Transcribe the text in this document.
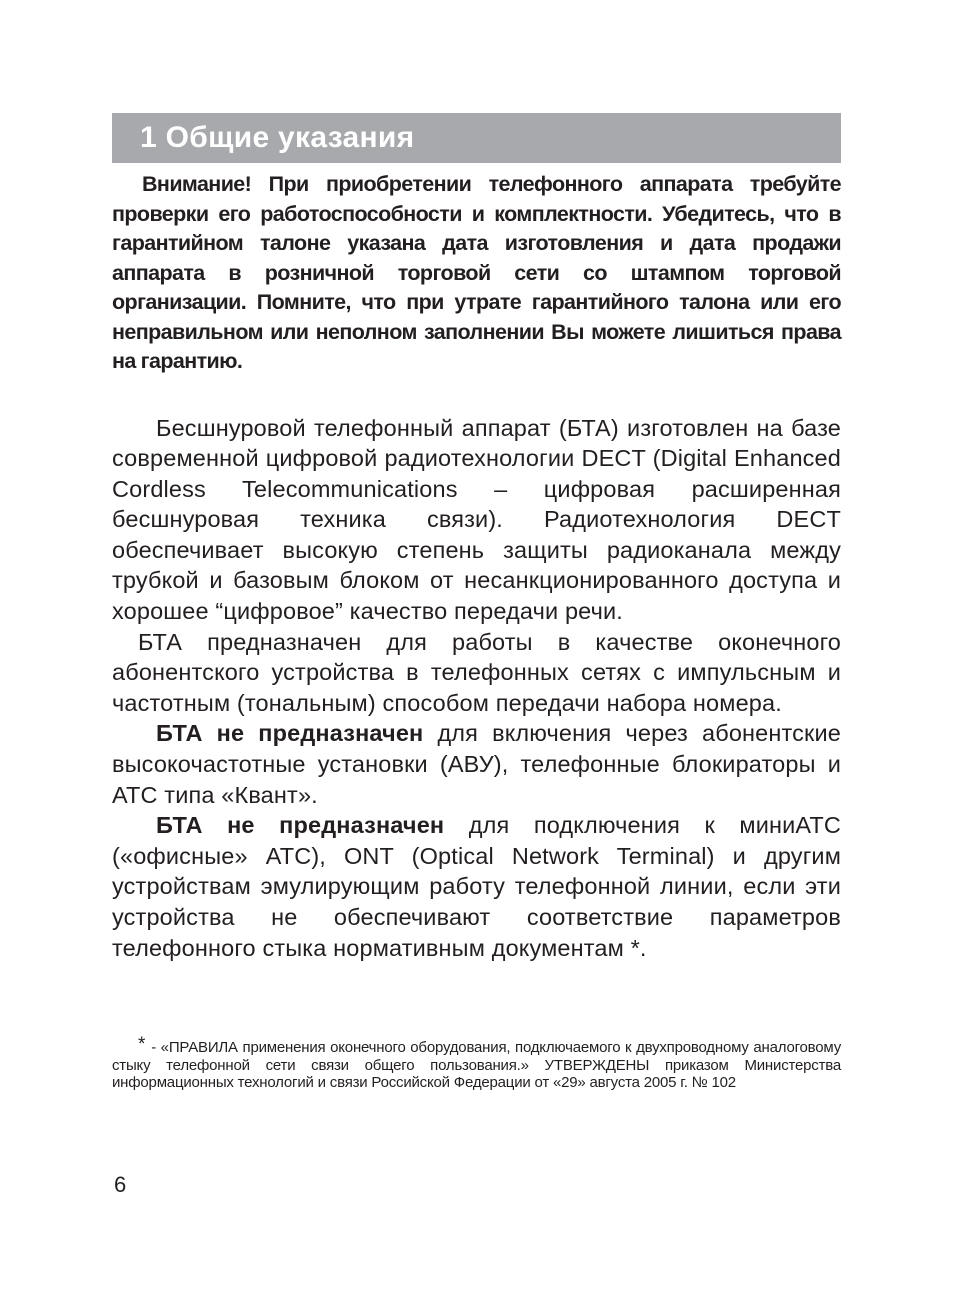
1 Общие указания

Внимание! При приобретении телефонного аппарата требуйте проверки его работоспособности и комплектности. Убедитесь, что в гарантийном талоне указана дата изготовления и дата продажи аппарата в розничной торговой сети со штампом торговой организации. Помните, что при утрате гарантийного талона или его неправильном или неполном заполнении Вы можете лишиться права на гарантию.

Бесшнуровой телефонный аппарат (БТА) изготовлен на базе современной цифровой радиотехнологии DECT (Digital Enhanced Cordless Telecommunications – цифровая расширенная бесшнуровая техника связи). Радиотехнология DECT обеспечивает высокую степень защиты радиоканала между трубкой и базовым блоком от несанкционированного доступа и хорошее “цифровое” качество передачи речи.

БТА предназначен для работы в качестве оконечного абонентского устройства в телефонных сетях с импульсным и частотным (тональным) способом передачи набора номера.

БТА не предназначен для включения через абонентские высокочастотные установки (АВУ), телефонные блокираторы и АТС типа «Квант».

БТА не предназначен для подключения к миниАТС («офисные» АТС), ONT (Optical Network Terminal) и другим устройствам эмулирующим работу телефонной линии, если эти устройства не обеспечивают соответствие параметров телефонного стыка нормативным документам *.

* - «ПРАВИЛА применения оконечного оборудования, подключаемого к двухпроводному аналоговому стыку телефонной сети связи общего пользования.» УТВЕРЖДЕНЫ приказом Министерства информационных технологий и связи Российской Федерации от «29» августа 2005 г. № 102
6
